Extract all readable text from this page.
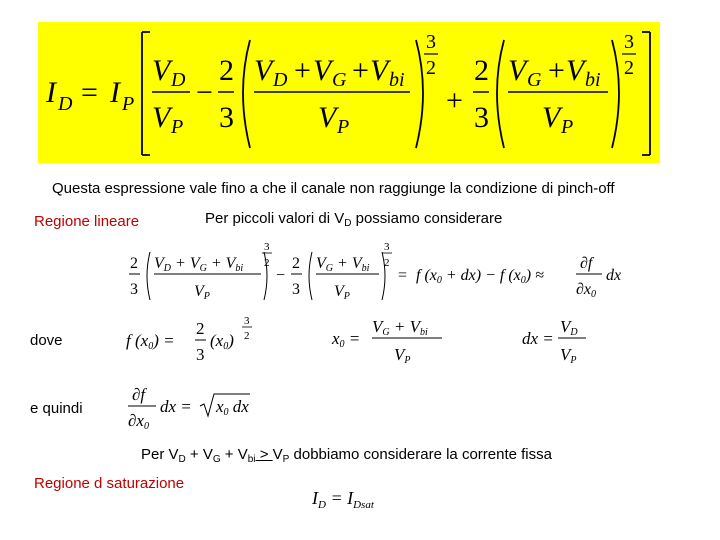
I D = I P
V D
V P
−
2
3
V D + V G + V bi
V P
3
2
+
2
3
V G + V bi
V P
3
2
Questa espressione vale fino a che il canale non raggiunge la condizione di pinch-off
Regione lineare	Per piccoli valori di $V_D$ possiamo considerare
2
3
VD + VG + Vbi
VP
3
2
−
2
3
VG + Vbi
VP
3
2
= f (x0 + dx) − f (x0) ≈
∂f
∂x0
dx
dove	f (x0) =
2
3
(x0)
3
2	x0 =
VG + Vbi
VP
dx =
VD
VP
e quindi
∂f
∂x0
dx = x0 dx
Per $V_D + V_G + V_{bi} > V_P$ dobbiamo considerare la corrente fissa
Regione d saturazione
$I_D = I_{Dsat}$
